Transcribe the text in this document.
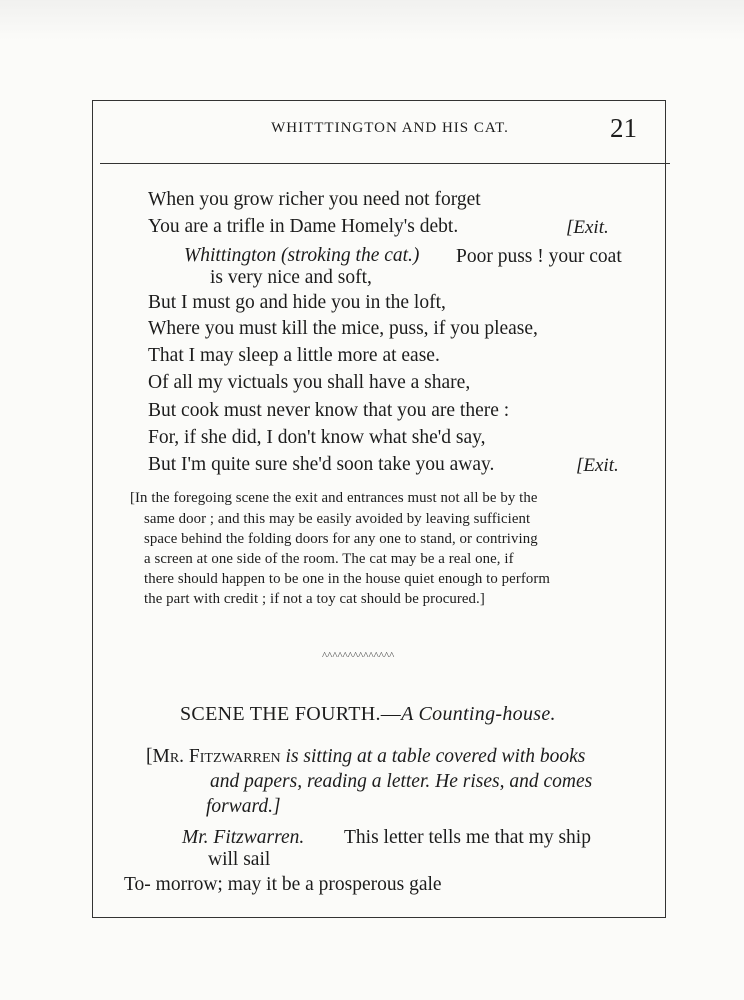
WHITTTINGTON AND HIS CAT.	21
When you grow richer you need not forget
You are a trifle in Dame Homely's debt.	[Exit.
Whittington (stroking the cat.) Poor puss ! your coat
is very nice and soft,
But I must go and hide you in the loft,
Where you must kill the mice, puss, if you please,
That I may sleep a little more at ease.
Of all my victuals you shall have a share,
But cook must never know that you are there :
For, if she did, I don't know what she'd say,
But I'm quite sure she'd soon take you away.	[Exit.
[In the foregoing scene the exit and entrances must not all be by the
same door ; and this may be easily avoided by leaving sufficient
space behind the folding doors for any one to stand, or contriving
a screen at one side of the room. The cat may be a real one, if
there should happen to be one in the house quiet enough to perform
the part with credit ; if not a toy cat should be procured.]
^^^^^^^^^^^^^^
SCENE THE FOURTH.—A Counting-house.
[Mr. Fitzwarren is sitting at a table covered with books
and papers, reading a letter. He rises, and comes
forward.]
Mr. Fitzwarren. This letter tells me that my ship
will sail
To- morrow; may it be a prosperous gale
